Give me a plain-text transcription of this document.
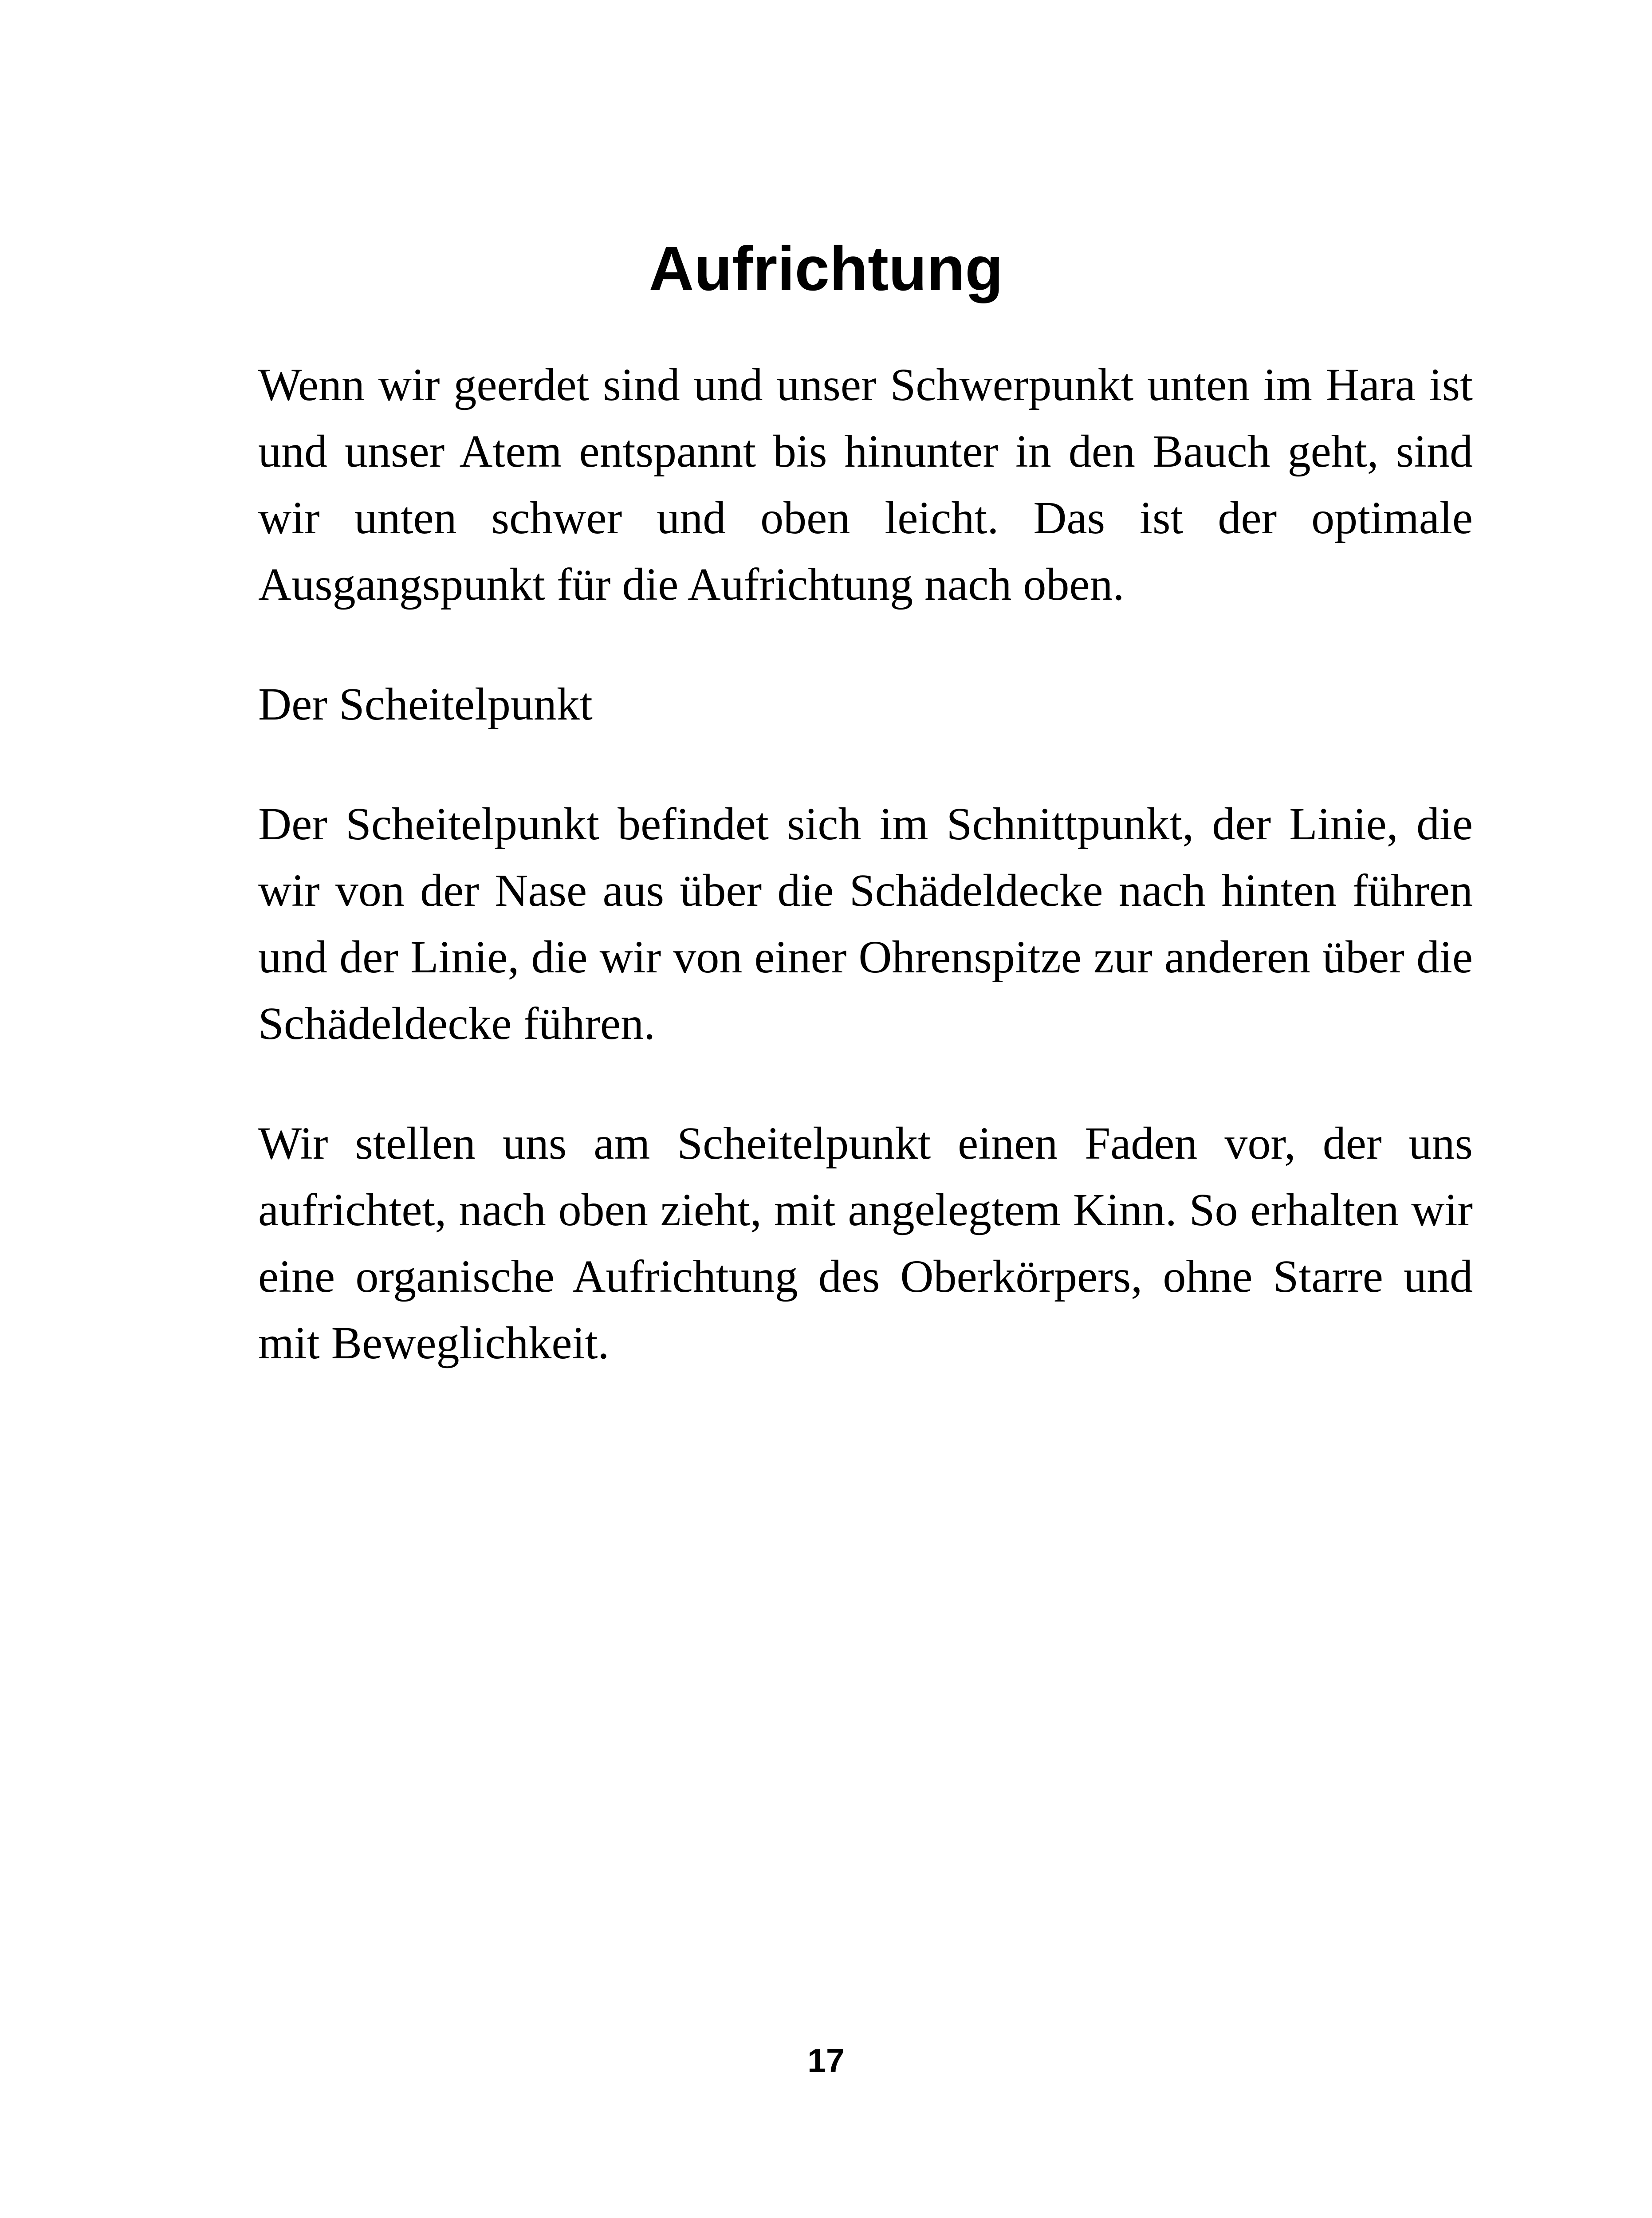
Aufrichtung

Wenn wir geerdet sind und unser Schwerpunkt unten im Hara ist und unser Atem entspannt bis hinunter in den Bauch geht, sind wir unten schwer und oben leicht. Das ist der optimale Ausgangspunkt für die Aufrichtung nach oben.

Der Scheitelpunkt

Der Scheitelpunkt befindet sich im Schnittpunkt, der Linie, die wir von der Nase aus über die Schädeldecke nach hinten führen und der Linie, die wir von einer Ohrenspitze zur anderen über die Schädeldecke führen.

Wir stellen uns am Scheitelpunkt einen Faden vor, der uns aufrichtet, nach oben zieht, mit angelegtem Kinn. So erhalten wir eine organische Aufrichtung des Oberkörpers, ohne Starre und mit Beweglichkeit.

17
